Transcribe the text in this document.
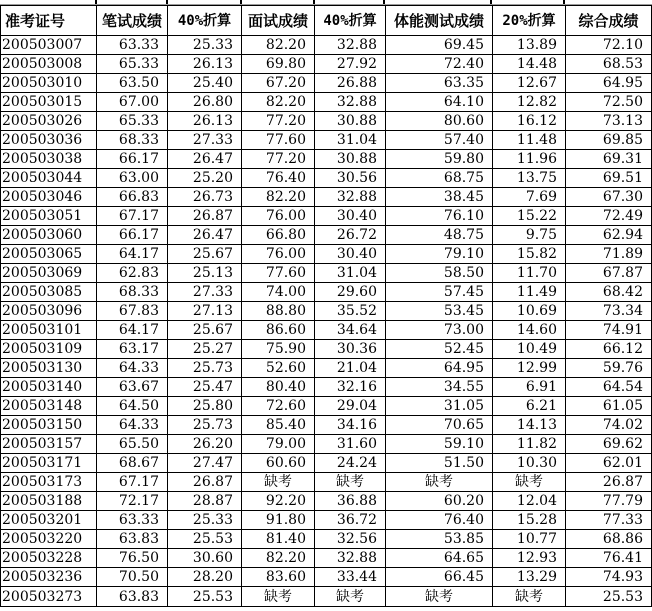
准考证号	笔试成绩	40%折算	面试成绩	40%折算	体能测试成绩	20%折算	综合成绩
200503007	63.33	25.33	82.20	32.88	69.45	13.89	72.10
200503008	65.33	26.13	69.80	27.92	72.40	14.48	68.53
200503010	63.50	25.40	67.20	26.88	63.35	12.67	64.95
200503015	67.00	26.80	82.20	32.88	64.10	12.82	72.50
200503026	65.33	26.13	77.20	30.88	80.60	16.12	73.13
200503036	68.33	27.33	77.60	31.04	57.40	11.48	69.85
200503038	66.17	26.47	77.20	30.88	59.80	11.96	69.31
200503044	63.00	25.20	76.40	30.56	68.75	13.75	69.51
200503046	66.83	26.73	82.20	32.88	38.45	7.69	67.30
200503051	67.17	26.87	76.00	30.40	76.10	15.22	72.49
200503060	66.17	26.47	66.80	26.72	48.75	9.75	62.94
200503065	64.17	25.67	76.00	30.40	79.10	15.82	71.89
200503069	62.83	25.13	77.60	31.04	58.50	11.70	67.87
200503085	68.33	27.33	74.00	29.60	57.45	11.49	68.42
200503096	67.83	27.13	88.80	35.52	53.45	10.69	73.34
200503101	64.17	25.67	86.60	34.64	73.00	14.60	74.91
200503109	63.17	25.27	75.90	30.36	52.45	10.49	66.12
200503130	64.33	25.73	52.60	21.04	64.95	12.99	59.76
200503140	63.67	25.47	80.40	32.16	34.55	6.91	64.54
200503148	64.50	25.80	72.60	29.04	31.05	6.21	61.05
200503150	64.33	25.73	85.40	34.16	70.65	14.13	74.02
200503157	65.50	26.20	79.00	31.60	59.10	11.82	69.62
200503171	68.67	27.47	60.60	24.24	51.50	10.30	62.01
200503173	67.17	26.87	缺考	缺考	缺考	缺考	26.87
200503188	72.17	28.87	92.20	36.88	60.20	12.04	77.79
200503201	63.33	25.33	91.80	36.72	76.40	15.28	77.33
200503220	63.83	25.53	81.40	32.56	53.85	10.77	68.86
200503228	76.50	30.60	82.20	32.88	64.65	12.93	76.41
200503236	70.50	28.20	83.60	33.44	66.45	13.29	74.93
200503273	63.83	25.53	缺考	缺考	缺考	缺考	25.53
